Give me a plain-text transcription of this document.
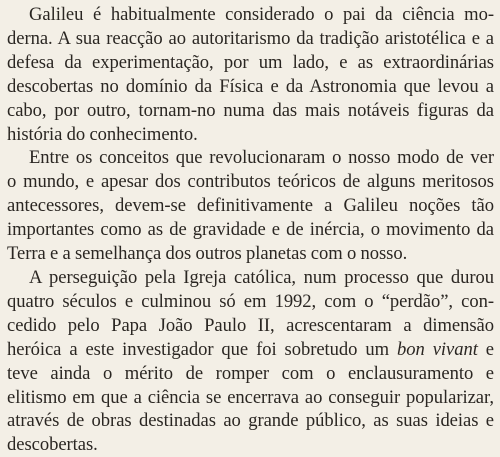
Galileu é habitualmente considerado o pai da ciência mo-
derna. A sua reacção ao autoritarismo da tradição aristotélica e a
defesa da experimentação, por um lado, e as extraordinárias
descobertas no domínio da Física e da Astronomia que levou a
cabo, por outro, tornam-no numa das mais notáveis figuras da
história do conhecimento.
Entre os conceitos que revolucionaram o nosso modo de ver
o mundo, e apesar dos contributos teóricos de alguns meritosos
antecessores, devem-se definitivamente a Galileu noções tão
importantes como as de gravidade e de inércia, o movimento da
Terra e a semelhança dos outros planetas com o nosso.
A perseguição pela Igreja católica, num processo que durou
quatro séculos e culminou só em 1992, com o “perdão”, con-
cedido pelo Papa João Paulo II, acrescentaram a dimensão
heróica a este investigador que foi sobretudo um bon vivant e
teve ainda o mérito de romper com o enclausuramento e
elitismo em que a ciência se encerrava ao conseguir popularizar,
através de obras destinadas ao grande público, as suas ideias e
descobertas.
